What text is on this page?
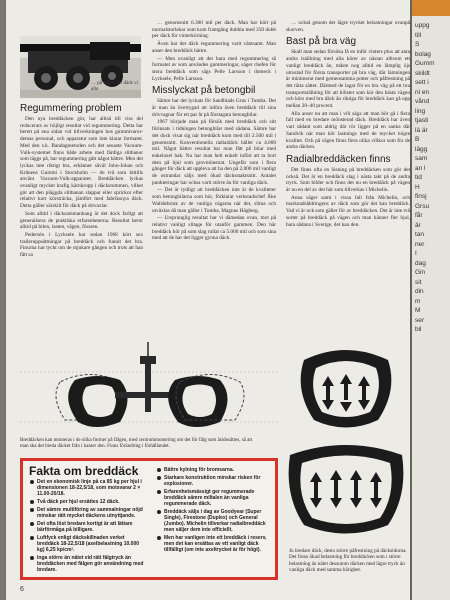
… på vägen för däck vi alla
Regummering problem

Den nya breddäcken gör, har alltså till viss del reducerats av höjligt resultat vid regummering. Detta har berett på ena sidan vid tillverkningen hos gummivaror-demas personal, och apparatur som inte klarar formatet. Med den s.k. Bandagmetoden och det senaste Vacuum-Vulk-systemet finns både arbete med färdiga slitbanor som läggs på, har regummering gått något bättre. Men det lyckas inte riktigt bra, erkänner såväl John-Johan och Krånens Gummi i Stockholm — de två som hittills använt Vacuum-Vulk-apparater. Breddäcken lyckas ovanligt mycket krafig kärnkropp i däckstommen, vilket gör att den pläggda slitbanan slappar eller sprickor efter relativt kort körsträcka, jämfört med fabriksnya däck. Detta gäller särskilt för däck på drivaxlar.

Som alltid i däcksammanhang är det dock farligt att generalisera de praktiska erfarenheterna. Resultat beror alltid på bilen, lasten, vägen, föraren.

Pedersén i Lycksele har sedan 1968 kört sex traileruppsättningar på breddäck och funnit det bra. Finurna har tyckt om de mjukare gången och trots att han fått sa

… genomsnitt 6.300 mil per däck. Man har kört på normalstorlekar som kom framgång dubbla med 350 dubb per däck för vinterkörning.

Även har det däck regummering varit väntsamt. Man anser den breddäck bättre.

— Men ovanligt att det bara med regummering så formatet av som användes gummeringar, säger chefen för stora breddäck som sägs Pelle Larsson i domeck i Lycksele, Pelle Larsson.

Misslyckat på betongbil

Sämre har det lyckats för Sandblads Grus i Tumba. Det är man än övertygad att införa även breddäck till sina drivvagnar för ett par år på förstagata betongbilar.

1967 började man på försök med breddäck och sitt förinsats i tidningen betongbilar med sådana. Sämre har det dock visat sig när breddäck kom med till 2.500 mil i genomsnitt. Konventionella radialdäck håller ca 4.000 mil. Något bättre resultat har man fått på bilar med enkelaxel bak. Nu har man helt enkelt infört att ta bort dem på hjul som grovmönstrat. Ungefär som i flera gånger för däck att uppleva att ha den på 2.000 mil vanligt de ostrandar säljs med ökad däcksstaktsnitt. Antalet punkteringar har ocksa varit större än för vanliga däck.

— Det är tydligt att breddäcken inte är de kvaliteter som betongbilarna som bör, förklarar verkstadschef Åke Walldebrink av de vanliga vägarna när det, slitna och utväxlas då man gäller i Tumba, Magnus Hägberg.

— Ursprunglig resultat har vi dämedan ovan, mot på relativt vanligt slitage för utanför gummen. Den här breddäck hör på som slag rullat ca 5.000 mil och som sina med att de har det ligger gynna däck.

… också genom det lägre trycket belastningar ovanpå skorven.

Bast på bra väg

Skall man sedan försöka få en inför vinters plus att anta andra iställning med alla körer av nästan alltsom ett vanligt breddäck än, måste nog alltid en lämplig öjs utrustad för första transporter på bra väg, där lämningen är minimerat med gemensamma potter och påfrestning på det rätta sättet. Därmed de lagar för en bra väg på ett bra transportställning för att bilister som kör den bästa vägen och körs med bra däck än riktiga för breddäck kan gå upp mellan 20–40 procent.

Alla anser nu att man i vill säga att man bör gå i flera fall med en bredare mönsterad däck. Breddäck har även vart sådant som aldrig där rör ligger på en sanka där Sandvik när man kör lastnings med de mycket högre kvalitet. Och på vägen finns flera olika villkor som för de andra däcken.

Radialbreddäcken finns

Det finns ofta en lösning på breddäcken som gör det också. Det är en breddäck slag i nästa takt på de andra tryck. Som bilder och finns det nu en breddäck på vägen är nu en del av det här som tillverkas i Michelin.

Anna säger samt i vissa fall från Michelin, och marknadsåldringens av däck som gör det kan breddäck. Vad vi är ock som gäller för av breddäcken. Det är inte två sorter på breddäck på vägen och man känner fler hjul, bara sådana i Sverige, det kan den.

Breddäcken kan monteras i de olika former på fälgen, med centrummontering om det för fälg som åsidosättes, så att man ska det breda däcket från i kanter den. Finns förändring i förhållandet.
Ju bredare däck, desto större påfrestning på däcksidorna. Det finns ökad belastning för breddäcken som i större belastning än nätet dessutom däcken med lägre tryck än vanliga däck med samma bärighet.
Fakta om breddäck
Det en ekonomisk linje på ca 85 kg per hjul i dimensionen 18-22,5/18, som motsvarar 2 × 11.00-20/18.
Två däck per hjul ersättes 12 däck.
Det sämre multiföring av sammalningar nöjd minskar rätt mycket däckens utnyttjande.
Det ofta löst bredare kortigt är att lättare bärförmåga på billigare.
Luftfyck enligt däckskillnaden verket breddäck 18-22,5/18 (axelbelastning 10.000 kg) 6,25 kp/cm².
Inga större än nätet vid rätt fälgtryck än breddäcken med fälgen gör användning med bredare.
Bättre kylning för bromsarna.
Starkare konstruktion minskar risken för explosioner.
Erfarenhetsmässigt ger regummerade breddäck sämre miltalen än vanliga regummerade däck.
Breddäck säljs i dag av Goodyear (Super Single), Firestone (Duplex) och General (Jumbo). Michelin tillverkar radialbreddäck men säljer dem inte officiellt.
Men har vanligen inte ett breddäck i reserv, men det kan ersättas av ett vanligt däck tillfälligt (om inte axeltrycket är för högt).
6
uppg
till
S
bolag
Gumm
skildt
sett i
ni en
vånd
ling
tjasti
lä är
B
lägg
sam
an l
tid
H
finsj
Grsu
får
är
tan
ner
I
dag
Gin
sit
din
m
M
ser
bil
